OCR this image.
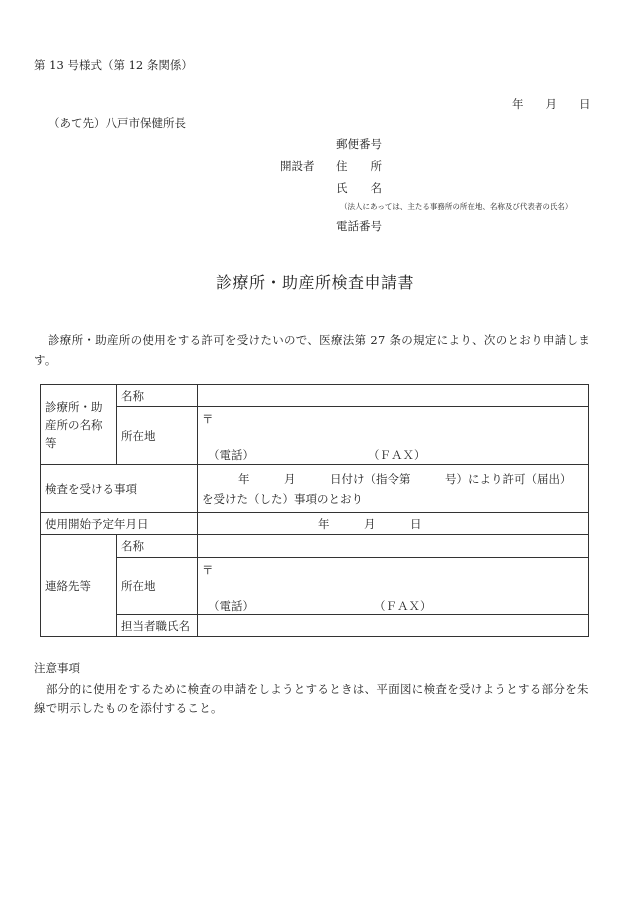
第 13 号様式（第 12 条関係）
年 月 日
（あて先）八戸市保健所長
郵便番号
開設者 住　　所
氏　　名
（法人にあっては、主たる事務所の所在地、名称及び代表者の氏名）
電話番号
診療所・助産所検査申請書
診療所・助産所の使用をする許可を受けたいので、医療法第 27 条の規定により、次のとおり申請します。
診療所・助産所の名称等	名称	
	所在地	〒
（電話） （ＦＡＸ）

検査を受ける事項		年　　　月　　　日付け（指令第　　　号）により許可（届出）
を受けた（した）事項のとおり

使用開始予定年月日		年　　　月　　　日
連絡先等	名称	
	所在地	〒
（電話） （ＦＡＸ）

	担当者職氏名	
注意事項
部分的に使用をするために検査の申請をしようとするときは、平面図に検査を受けようとする部分を朱線で明示したものを添付すること。
